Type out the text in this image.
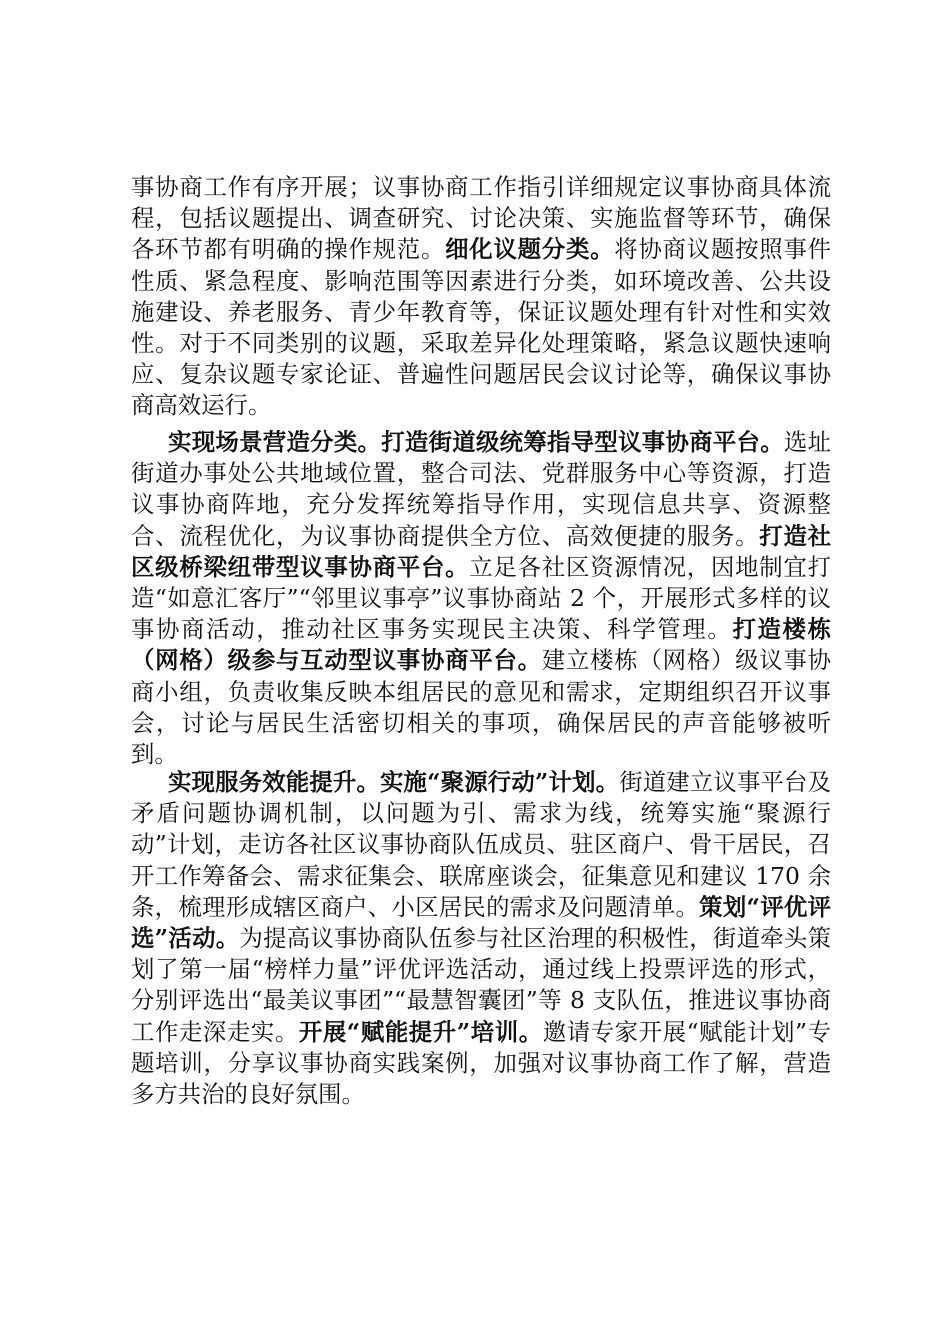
事协商工作有序开展；议事协商工作指引详细规定议事协商具体流程，包括议题提出、调查研究、讨论决策、实施监督等环节，确保各环节都有明确的操作规范。细化议题分类。将协商议题按照事件性质、紧急程度、影响范围等因素进行分类，如环境改善、公共设施建设、养老服务、青少年教育等，保证议题处理有针对性和实效性。对于不同类别的议题，采取差异化处理策略，紧急议题快速响应、复杂议题专家论证、普遍性问题居民会议讨论等，确保议事协商高效运行。

实现场景营造分类。打造街道级统筹指导型议事协商平台。选址街道办事处公共地域位置，整合司法、党群服务中心等资源，打造议事协商阵地，充分发挥统筹指导作用，实现信息共享、资源整合、流程优化，为议事协商提供全方位、高效便捷的服务。打造社区级桥梁纽带型议事协商平台。立足各社区资源情况，因地制宜打造“如意汇客厅”“邻里议事亭”议事协商站 2 个，开展形式多样的议事协商活动，推动社区事务实现民主决策、科学管理。打造楼栋（网格）级参与互动型议事协商平台。建立楼栋（网格）级议事协商小组，负责收集反映本组居民的意见和需求，定期组织召开议事会，讨论与居民生活密切相关的事项，确保居民的声音能够被听到。

实现服务效能提升。实施“聚源行动”计划。街道建立议事平台及矛盾问题协调机制，以问题为引、需求为线，统筹实施“聚源行动”计划，走访各社区议事协商队伍成员、驻区商户、骨干居民，召开工作筹备会、需求征集会、联席座谈会，征集意见和建议 170 余条，梳理形成辖区商户、小区居民的需求及问题清单。策划“评优评选”活动。为提高议事协商队伍参与社区治理的积极性，街道牵头策划了第一届“榜样力量”评优评选活动，通过线上投票评选的形式，分别评选出“最美议事团”“最慧智囊团”等 8 支队伍，推进议事协商工作走深走实。开展“赋能提升”培训。邀请专家开展“赋能计划”专题培训，分享议事协商实践案例，加强对议事协商工作了解，营造多方共治的良好氛围。
